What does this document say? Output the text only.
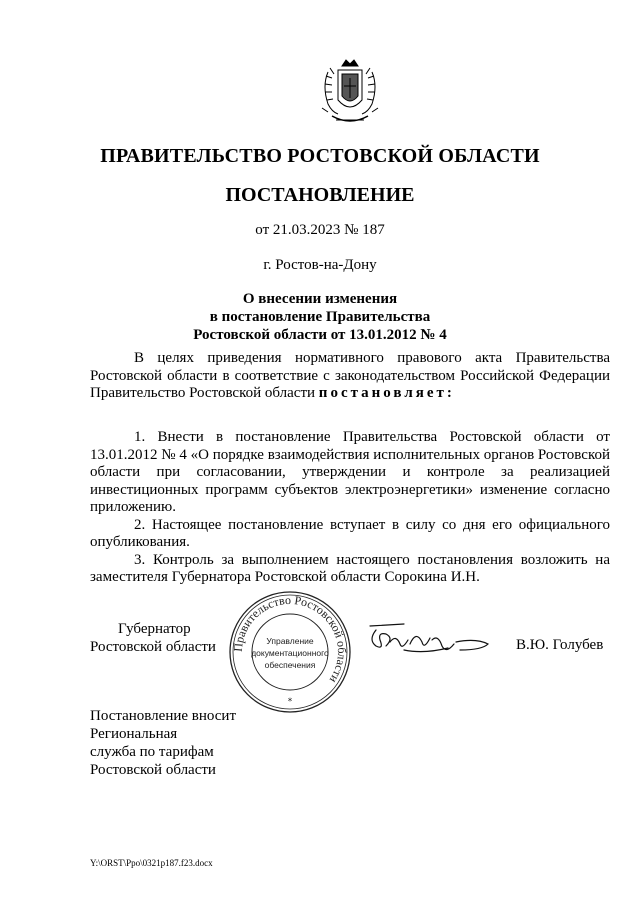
ПРАВИТЕЛЬСТВО РОСТОВСКОЙ ОБЛАСТИ
ПОСТАНОВЛЕНИЕ
от 21.03.2023 № 187
г. Ростов-на-Дону
О внесении изменения
в постановление Правительства
Ростовской области от 13.01.2012 № 4

В целях приведения нормативного правового акта Правительства Ростовской области в соответствие с законодательством Российской Федерации Правительство Ростовской области постановляет:

1. Внести в постановление Правительства Ростовской области от 13.01.2012 № 4 «О порядке взаимодействия исполнительных органов Ростовской области при согласовании, утверждении и контроле за реализацией инвестиционных программ субъектов электроэнергетики» изменение согласно приложению.

2. Настоящее постановление вступает в силу со дня его официального опубликования.

3. Контроль за выполнением настоящего постановления возложить на заместителя Губернатора Ростовской области Сорокина И.Н.

Губернатор
Ростовской области Правительство Ростовской области
Управление
документационного
обеспечения
*
В.Ю. Голубев
Постановление вносит
Региональная
служба по тарифам
Ростовской области
Y:\ORST\Ppo\0321p187.f23.docx
